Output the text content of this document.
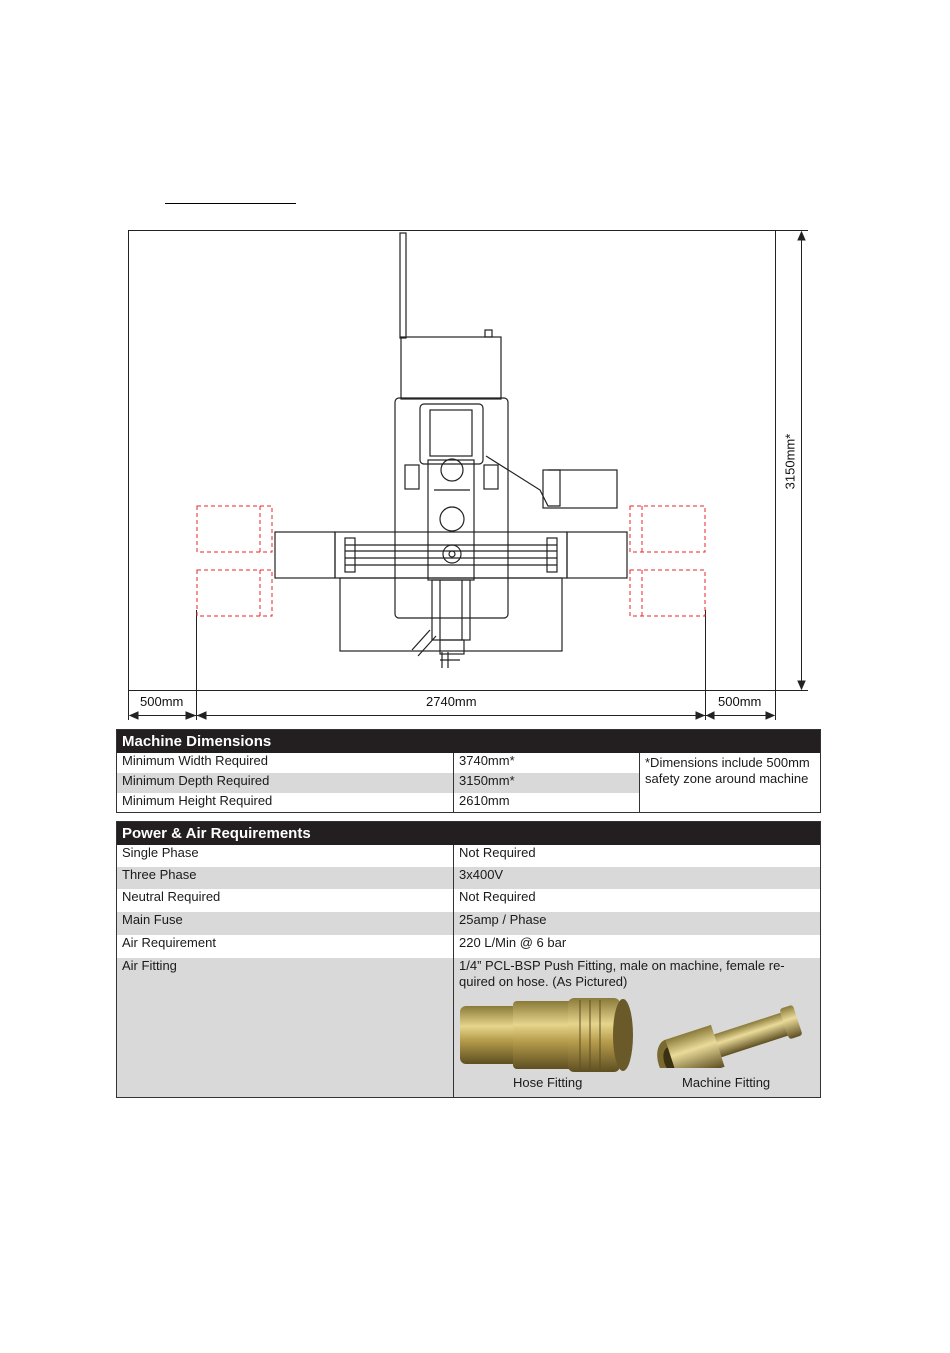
500mm	2740mm	500mm
3150mm*
Machine Dimensions		
Minimum Width Required	3740mm*	*Dimensions include 500mm safety zone around machine
Minimum Depth Required	3150mm*	
Minimum Height Required	2610mm	
Power & Air Requirements	
Single Phase	Not Required
Three Phase	3x400V
Neutral Required	Not Required
Main Fuse	25amp / Phase
Air Requirement	220 L/Min @ 6 bar
Air Fitting	1/4” PCL-BSP Push Fitting, male on machine, female re-quired on hose. (As Pictured)
Hose Fitting	Machine Fitting
